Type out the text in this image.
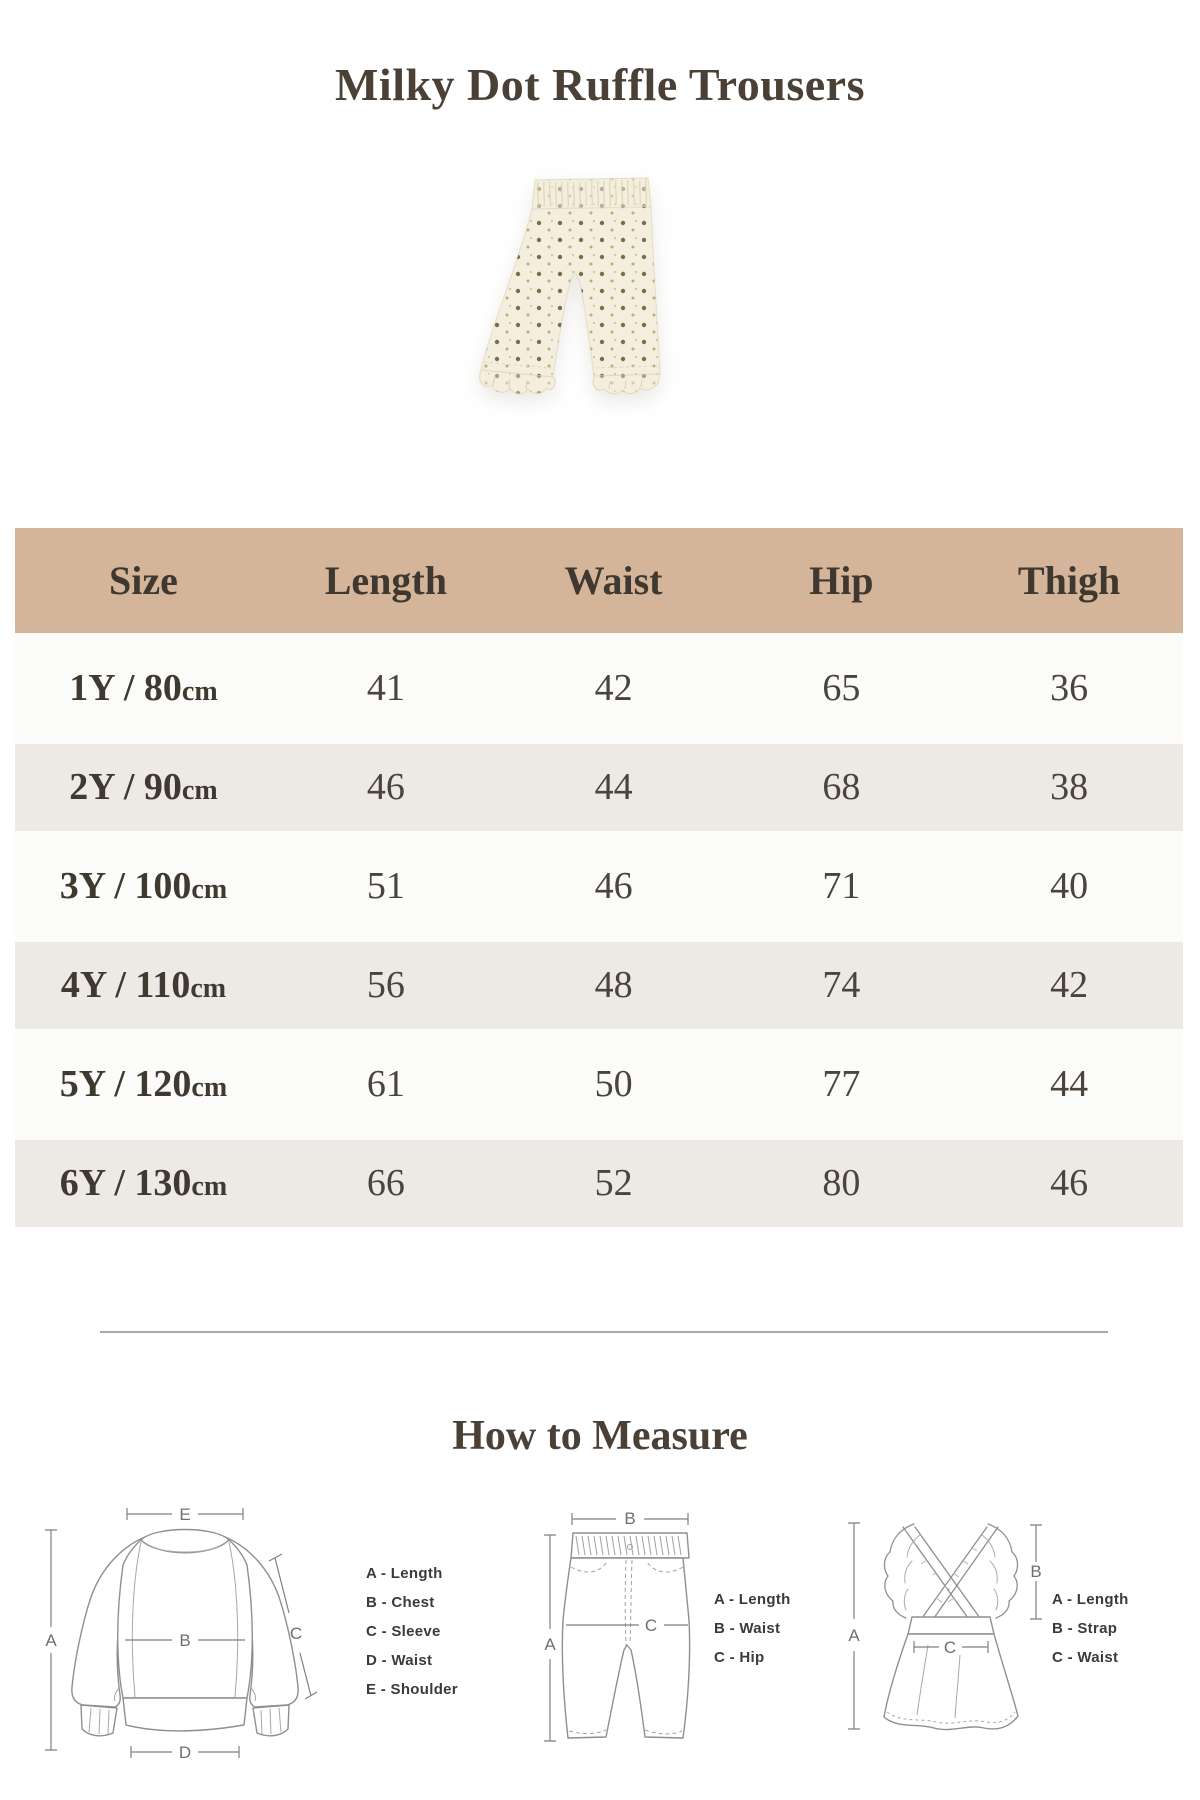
Milky Dot Ruffle Trousers
Size	Length	Waist	Hip	Thigh
1Y / 80cm	41	42	65	36
2Y / 90cm	46	44	68	38
3Y / 100cm	51	46	71	40
4Y / 110cm	56	48	74	42
5Y / 120cm	61	50	77	44
6Y / 130cm	66	52	80	46
How to Measure
E
A	B	C
D
A - Length
B - Chest
C - Sleeve
D - Waist
E - Shoulder
B
A
C
A - Length
B - Waist
C - Hip
A
B
C
A - Length
B - Strap
C - Waist
